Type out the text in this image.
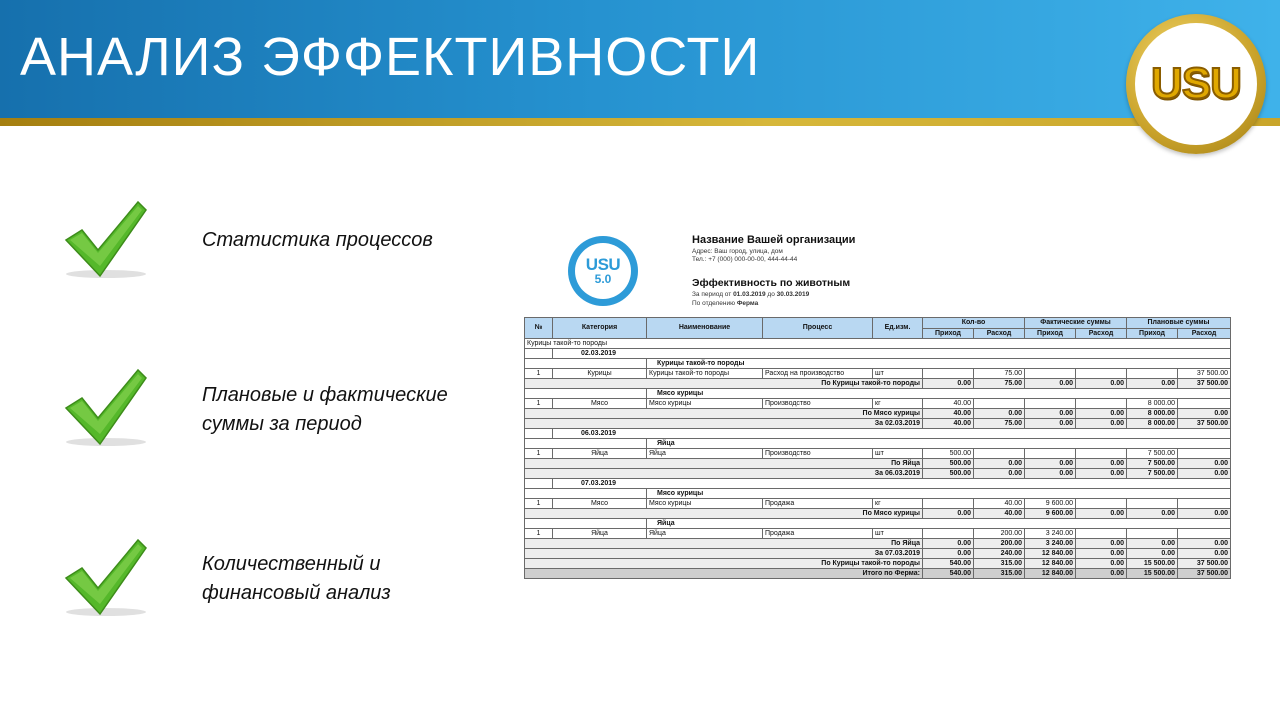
АНАЛИЗ ЭФФЕКТИВНОСТИ	USU
Статистика процессов
Плановые и фактические суммы за период
Количественный и финансовый анализ
USU
5.0
Название Вашей организации
Адрес: Ваш город, улица, дом
Тел.: +7 (000) 000-00-00, 444-44-44
Эффективность по животным
За период от 01.03.2019 до 30.03.2019
По отделению Ферма
№	Категория	Наименование	Процесс	Ед.изм.	Кол-во		Фактические суммы		Плановые суммы	
					Приход	Расход	Приход	Расход	Приход	Расход
Курицы такой-то породы										
	02.03.2019									
		Курицы такой-то породы								
1	Курицы	Курицы такой-то породы	Расход на производство	шт		75.00				37 500.00
По Курицы такой-то породы					0.00	75.00	0.00	0.00	0.00	37 500.00
		Мясо курицы								
1	Мясо	Мясо курицы	Производство	кг	40.00				8 000.00	
По Мясо курицы					40.00	0.00	0.00	0.00	8 000.00	0.00
За 02.03.2019					40.00	75.00	0.00	0.00	8 000.00	37 500.00
	06.03.2019									
		Яйца								
1	Яйца	Яйца	Производство	шт	500.00				7 500.00	
По Яйца					500.00	0.00	0.00	0.00	7 500.00	0.00
За 06.03.2019					500.00	0.00	0.00	0.00	7 500.00	0.00
	07.03.2019									
		Мясо курицы								
1	Мясо	Мясо курицы	Продажа	кг		40.00	9 600.00			
По Мясо курицы					0.00	40.00	9 600.00	0.00	0.00	0.00
		Яйца								
1	Яйца	Яйца	Продажа	шт		200.00	3 240.00			
По Яйца					0.00	200.00	3 240.00	0.00	0.00	0.00
За 07.03.2019					0.00	240.00	12 840.00	0.00	0.00	0.00
По Курицы такой-то породы					540.00	315.00	12 840.00	0.00	15 500.00	37 500.00
Итого по Ферма:					540.00	315.00	12 840.00	0.00	15 500.00	37 500.00
